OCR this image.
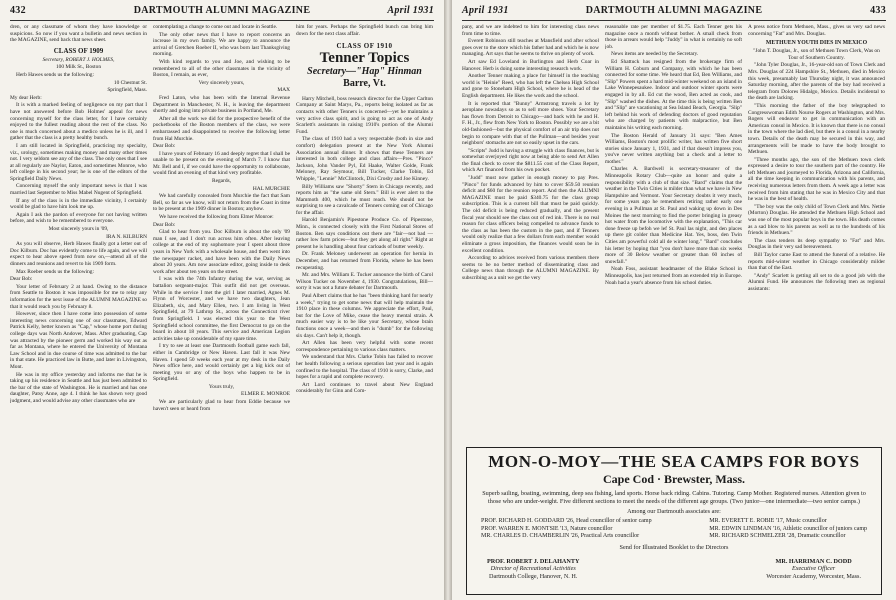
432	DARTMOUTH ALUMNI MAGAZINE	April 1931

dren, or any classmate of whom they have knowledge or suspicions. So now if you want a bulletin and news section in the MAGAZINE, send back that news sheet.

CLASS OF 1909

Secretary, ROBERT J. HOLMES,

100 Milk St., Boston

Herb Hawes sends us the following:

10 Chestnut St.

Springfield, Mass.

My dear Herb:

It is with a marked feeling of negligence on my part that I have not answered before Bob Holmes' appeal for news concerning myself for the class letter, for I have certainly enjoyed to the fullest reading about the rest of the class. No one is much concerned about a medico unless he is ill, and I gather that the class is a pretty healthy bunch.

I am still located in Springfield, practicing my specialty, viz., urology, sometimes making money and many other times not. I very seldom see any of the class. The only ones that I see at all regularly are Naylor, Eaton, and sometimes Monroe, who left college in his second year; he is one of the editors of the Springfield Daily News.

Concerning myself the only important news is that I was married last September to Miss Mabel Nugent of Springfield.

If any of the class is in the immediate vicinity, I certainly would be glad to have him look me up.

Again I ask the pardon of everyone for not having written before, and wish to be remembered to everyone.

Most sincerely yours in '09,

IRA N. KILBURN

As you will observe, Herb Hawes finally got a letter out of Doc Kilburn. Doc has evidently come to life again, and we will expect to hear above speed from now on,—attend all of the dinners and reunions and revert to his 1909 form.

Max Roeber sends us the following:

Dear Bob:

Your letter of February 2 at hand. Owing to the distance from Seattle to Boston it was impossible for me to relay any information for the next issue of the ALUMNI MAGAZINE so that it would reach you by February 8.

However, since then I have come into possession of some interesting news concerning one of our classmates, Edward Patrick Kelly, better known as "Cap," whose home port during college days was North Andover, Mass. After graduating, Cap was attracted by the pioneer germ and worked his way out as far as Montana, where he entered the University of Montana Law School and in due course of time was admitted to the bar in that state. He practiced law in Butte, and later in Livingston, Mont.

He was in my office yesterday and informs me that he is taking up his residence in Seattle and has just been admitted to the bar of the state of Washington. He is married and has one daughter, Patsy Anne, age 4. I think he has shown very good judgment, and would advise any other classmates who are

contemplating a change to come out and locate in Seattle.

The only other news that I have to report concerns an increase in my own family. We are happy to announce the arrival of Gretchen Roeber II, who was born last Thanksgiving morning.

With kind regards to you and Joe, and wishing to be remembered to all of the other classmates in the vicinity of Boston, I remain, as ever,

Very sincerely yours,

MAX

Fred Laton, who has been with the Internal Revenue Department in Manchester, N. H., is leaving the department shortly and going into private business in Portland, Me.

After all the work we did for the prospective benefit of the pocketbooks of the Boston members of the class, we were embarrassed and disappointed to receive the following letter from Hal Murchie.

Dear Bob:

I have yours of February 16 and deeply regret that I shall be unable to be present on the evening of March 7. I know that Mr. Bell and I, if we could have the opportunity to collaborate, would find an evening of that kind very profitable.

Regards,

HAL MURCHIE

We had carefully concealed from Murchie the fact that Sam Bell, so far as we know, will not return from the Coast in time to be present at the 1909 dinner in Boston; anyhow.

We have received the following from Elmer Monroe:

Dear Bob:

Glad to hear from you. Doc Kilburn is about the only '09 man I see, and I don't run across him often. After leaving college at the end of my sophomore year I spent about three years in New York with a wholesale house, and then went into the newspaper racket, and have been with the Daily News about 20 years. Am now associate editor, going inside to desk work after about ten years on the street.

I was with the 74th Infantry during the war, serving as battalion sergeant-major. This outfit did not get overseas. While in the service I met the girl I later married, Agnes M. Flynn of Worcester, and we have two daughters, Jean Elizabeth, six, and Mary Ellen, two. I am living in West Springfield, at 79 Lathrop St., across the Connecticut river from Springfield. I was elected this year to the West Springfield school committee, the first Democrat to go on the board in about 18 years. This service and American Legion activities take up considerable of my spare time.

I try to see at least one Dartmouth football game each fall, either in Cambridge or New Haven. Last fall it was New Haven. I spend 50 weeks each year at my desk in the Daily News office here, and would certainly get a big kick out of meeting you or any of the boys who happen to be in Springfield.

Yours truly,

ELMER E. MONROE

We are particularly glad to hear from Eddie because we haven't seen or heard from

him for years. Perhaps the Springfield bunch can bring him down for the next class affair.

CLASS OF 1910
Tenner Topics
Secretary—"Hap" Hinman
Barre, Vt.

Harry Mitchell, boss research director for the Upper Carlton Company at Saint Marys, Pa., reports being isolated as far as contacts with other Tenners is concerned—yet he maintains a very active class spirit, and is going to act as one of Andy Scarlett's assistants in raising 1910's portion of the Alumni Fund.

The class of 1910 had a very respectable (both in size and comfort) delegation present at the New York Alumni Association annual dinner. It shows that these Tenners are interested in both college and class affairs—Pres. "Pinco" Jackson, John Vander Pyl, Ed Haake, Walter Golde, Frank Meloney, Ray Seymour, Bill Tucker, Clarke Tobin, Ed Whipple, "Lennie" McClintock, Dixi Crosby and Joe Kinney.

Billy Williams saw "Shorty" Stern in Chicago recently, and reports him as "the same old Stern." Bill is ever alert to the Mammoth 400, which he must reach. We should not be surprising to see a cavalcade of Tenners coming out of Chicago for the affair.

Harold Benjamin's Pipestone Produce Co. of Pipestone, Minn., is connected closely with the First National Stores of Boston. Ben says conditions out there are "fair—not bad —rather low farm prices—but they get along all right." Right at present he is handling about four carloads of butter weekly.

Dr. Frank Meloney underwent an operation for hernia in December, and has returned from Florida, where he has been recuperating.

Mr. and Mrs. William E. Tucker announce the birth of Carol Wilson Tucker on November 4, 1930. Congratulations, Bill—sorry it was not a future debater for Dartmouth.

Paul Albert claims that he has "been thinking hard for nearly a week," trying to get some news that will help maintain the 1910 place in these columns. We appreciate the effort, Paul, but for the Love of Mike, cease the heavy mental strain. A much easier way is to be like your Secretary, whose brain functions once a week—and then is "dumb" for the following six days. Can't help it, though.

Art Allen has been very helpful with some recent correspondence pertaining to various class matters.

We understand that Mrs. Clarke Tobin has failed to recover her health following a serious operation last year and is again confined to the hospital. The class of 1910 is sorry, Clarke, and hopes for a rapid and complete recovery.

Art Lord continues to travel about New England considerably for Ginn and Com-

April 1931	DARTMOUTH ALUMNI MAGAZINE	433

pany, and we are indebted to him for interesting class news from time to time.

Everett Robinson still teaches at Mansfield and after school goes over to the store which his father had and which he is now managing. Art says that he seems to thrive on plenty of work.

Art saw Ed Loveland in Burlington and Herb Coar in Hanover. Herb is doing some interesting research work.

Another Tenner making a place for himself in the teaching world is "Heinie" Reed, who has left the Chelsea High School and gone to Stoneham High School, where he is head of the English department. He likes the work and the school.

It is reported that "Bunny" Armstrong travels a lot by aeroplane nowadays so as to sell more shoes. Your Secretary has flown from Detroit to Chicago—and back with he and H. F. H., Jr., flew from New York to Boston. Possibly we are a bit old-fashioned—but the physical comfort of an air trip does not begin to compare with that of the Pullman—and besides your neighbors' stomachs are not so easily upset in the cars.

"Scripts" Judd is having a struggle with class finances, but is somewhat overjoyed right now at being able to send Art Allen the final check to cover the $811.55 cost of the Class Report, which Art financed from his own pocket.

"Judd" must now gather in enough money to pay Pres. "Pinco" for funds advanced by him to cover $59.50 reunion deficit and $60 for the reunion report. And then the ALUMNI MAGAZINE must be paid $340.75 for the class group subscription. This is a current bill that must be paid quickly. The old deficit is being reduced gradually, and the present fiscal year should see the class out of red ink. There is no real reason for class officers being compelled to advance funds to the class as has been the custom in the past, and if Tenners would only realize that a few dollars from each member would eliminate a gross imposition, the finances would soon be in excellent condition.

According to advices received from various members there seems to be no better method of disseminating class and College news than through the ALUMNI MAGAZINE. By subscribing as a unit we get the very

reasonable rate per member of $1.75. Each Tenner gets his magazine once a month without bother. A small check from those in arrears would help "Juddy" in what is certainly no soft job.

News items are needed by the Secretary.

Ed Shattuck has resigned from the brokerage firm of William H. Coburn and Company, with which he has been connected for some time. We heard that Ed, Ben Williams, and "Slip" Powers spent a hard mid-winter weekend on an island in Lake Winnepesaukee. Indoor and outdoor winter sports were engaged in by all. Ed cut the wood, Ben acted as cook, and "Slip" washed the dishes. At the time this is being written Ben and "Slip" are vacationing at Sea Island Beach, Georgia. "Slip" left behind his work of defending doctors of good reputation who are charged by patients with malpractice, but Ben maintains his writing each morning.

The Boston Herald of January 31 says: "Ben Ames Williams, Boston's most prolific writer, has written five short stories since January 1, 1931, and if that doesn't impress you, you've never written anything but a check and a letter to mother."

Charles A. Bardwell is secretary-treasurer of the Minneapolis Rotary Club—quite an honor and quite a responsibility with a club of that size. "Bard" claims that the weather in the Twin Cities is milder than what we have in New Hampshire and Vermont. Your Secretary doubts it very much, for some years ago he remembers retiring rather early one evening in a Pullman at St. Paul and waking up down in Des Moines the next morning to find the porter bringing in greasy hot water from the locomotive with the explanation, "This car done freeze up befoh we lef St. Paul las night, and den places up there git colder than Medicine Hat. Yes, boss, den Twin Cities am powerful cold all de winter long." "Bard" concludes his letter by hoping that "you don't have more than six weeks more of 30 Below weather or greater than 60 inches of snowfall."

Noah Foss, assistant headmaster of the Blake School in Minneapolis, has just returned from an extended trip in Europe. Noah had a year's absence from his school duties.

A press notice from Methuen, Mass., gives us very sad news concerning "Fat" and Mrs. Douglas.

METHUEN YOUTH DIES IN MEXICO

"John T. Douglas, Jr., son of Methuen Town Clerk, Was on Tour of Southern Country.

"John Tyler Douglas, Jr., 16-year-old son of Town Clerk and Mrs. Douglas of 224 Hampshire St., Methuen, died in Mexico this week, presumably last Thursday night, it was announced Saturday morning, after the parents of the boy had received a telegram from Dolores Hidalgo, Mexico. Details incidental to the death are lacking.

"This morning the father of the boy telegraphed to Congresswoman Edith Nourse Rogers at Washington, and Mrs. Rogers will endeavor to get in communication with an American consul in Mexico. It is known that there is no consul in the town where the lad died, but there is a consul in a nearby town. Details of the death may be secured in this way, and arrangements will be made to have the body brought to Methuen.

"Three months ago, the son of the Methuen town clerk expressed a desire to tour the southern part of the country. He left Methuen and journeyed to Florida, Arizona and California, all the time keeping in communication with his parents, and receiving numerous letters from them. A week ago a letter was received from him stating that he was in Mexico City and that he was in the best of health.

"The boy was the only child of Town Clerk and Mrs. Nettie (Morton) Douglas. He attended the Methuen High School and was one of the most popular boys in the town. His death comes as a sad blow to his parents as well as to the hundreds of his friends in Methuen."

The class tenders its deep sympathy to "Fat" and Mrs. Douglas in their very sad bereavement.

Bill Taylor came East to attend the funeral of a relative. He reports mid-winter weather in Chicago considerably milder than that of the East.

"Andy" Scarlett is getting all set to do a good job with the Alumni Fund. He announces the following men as regional assistants:

MON-O-MOY—THE SEA CAMPS FOR BOYS
Cape Cod · Brewster, Mass.
Superb sailing, boating, swimming, deep sea fishing, land sports. Horse back riding. Cabins. Tutoring. Camp Mother. Registered nurses. Attention given to those who are under-weight. Five different sections to meet the needs of the different age groups. (Two junior—one intermediate—two senior camps.)
Among our Dartmouth associates are:
PROF. RICHARD H. GODDARD '26, Head councillor of senior camp
PROF. WARREN E. MONTSIE '13, Nature councillor
MR. CHARLES D. CHAMBERLIN '26, Practical Arts councillor
MR. EVERETT E. ROBIE '17, Music councillor
MR. EDWIN LINDMAN '16, Athletic councillor of juniors camp
MR. RICHARD SCHMELZER '28, Dramatic councillor
Send for Illustrated Booklet to the Directors
PROF. ROBERT J. DELAHANTY
Director of Recreational Activities
Dartmouth College, Hanover, N. H.
MR. HARRIMAN C. DODD
Executive Officer
Worcester Academy, Worcester, Mass.
